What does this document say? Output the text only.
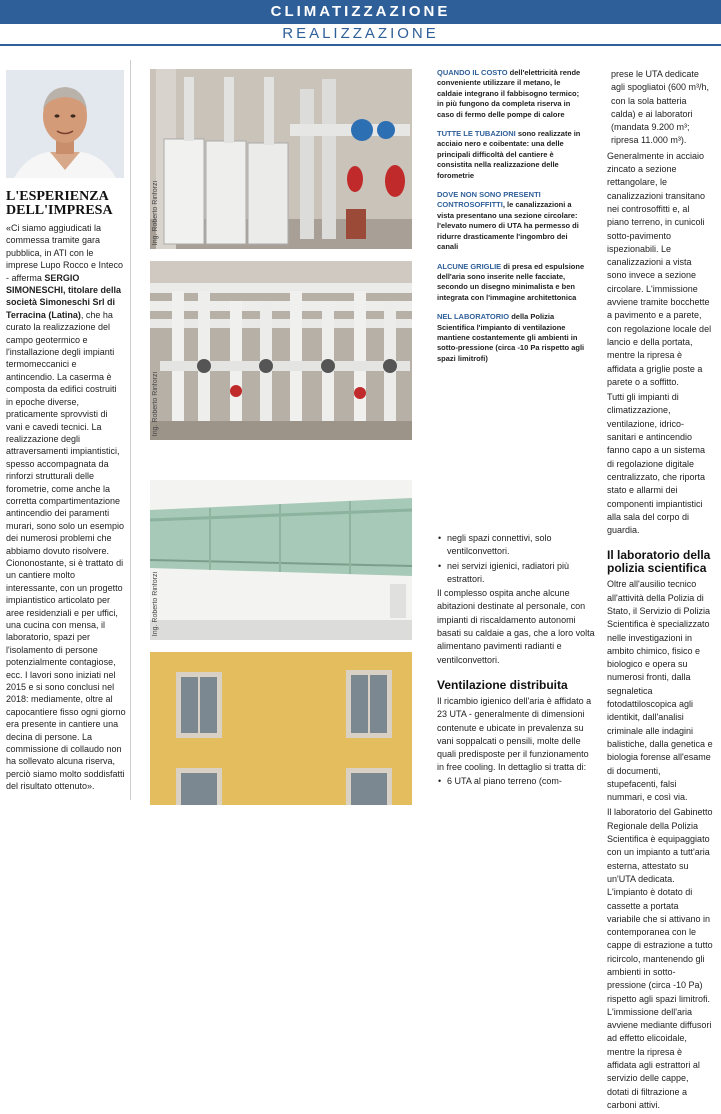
CLIMATIZZAZIONE
REALIZZAZIONE
L'ESPERIENZA DELL'IMPRESA

«Ci siamo aggiudicati la commessa tramite gara pubblica, in ATI con le imprese Lupo Rocco e Inteco - afferma SERGIO SIMONESCHI, titolare della società Simoneschi Srl di Terracina (Latina), che ha curato la realizzazione del campo geotermico e l'installazione degli impianti termomeccanici e antincendio. La caserma è composta da edifici costruiti in epoche diverse, praticamente sprovvisti di vani e cavedi tecnici. La realizzazione degli attraversamenti impiantistici, spesso accompagnata da rinforzi strutturali delle forometrie, come anche la corretta compartimentazione antincendio dei paramenti murari, sono solo un esempio dei numerosi problemi che abbiamo dovuto risolvere. Ciononostante, si è trattato di un cantiere molto interessante, con un progetto impiantistico articolato per aree residenziali e per uffici, una cucina con mensa, il laboratorio, spazi per l'isolamento di persone potenzialmente contagiose, ecc. I lavori sono iniziati nel 2015 e si sono conclusi nel 2018: mediamente, oltre al capocantiere fisso ogni giorno era presente in cantiere una decina di persone. La commissione di collaudo non ha sollevato alcuna riserva, perciò siamo molto soddisfatti del risultato ottenuto».

Ing. Roberto Rinforzi
Ing. Roberto Rinforzi
Ing. Roberto Rinforzi

QUANDO IL COSTO dell'elettricità rende conveniente utilizzare il metano, le caldaie integrano il fabbisogno termico; in più fungono da completa riserva in caso di fermo delle pompe di calore

TUTTE LE TUBAZIONI sono realizzate in acciaio nero e coibentate: una delle principali difficoltà del cantiere è consistita nella realizzazione delle forometrie

DOVE NON SONO PRESENTI CONTROSOFFITTI, le canalizzazioni a vista presentano una sezione circolare: l'elevato numero di UTA ha permesso di ridurre drasticamente l'ingombro dei canali

ALCUNE GRIGLIE di presa ed espulsione dell'aria sono inserite nelle facciate, secondo un disegno minimalista e ben integrata con l'immagine architettonica

NEL LABORATORIO della Polizia Scientifica l'impianto di ventilazione mantiene costantemente gli ambienti in sotto-pressione (circa -10 Pa rispetto agli spazi limitrofi)

• negli spazi connettivi, solo ventilconvettori.
• nei servizi igienici, radiatori più estrattori.

Il complesso ospita anche alcune abitazioni destinate al personale, con impianti di riscaldamento autonomi basati su caldaie a gas, che a loro volta alimentano pavimenti radianti e ventilconvettori.

Ventilazione distribuita

Il ricambio igienico dell'aria è affidato a 23 UTA - generalmente di dimensioni contenute e ubicate in prevalenza su vani soppalcati o pensili, molte delle quali predisposte per il funzionamento in free cooling. In dettaglio si tratta di:

• 6 UTA al piano terreno (com-

prese le UTA dedicate agli spogliatoi (600 m³/h, con la sola batteria calda) e ai laboratori (mandata 9.200 m³; ripresa 11.000 m³).

Generalmente in acciaio zincato a sezione rettangolare, le canalizzazioni transitano nei controsoffitti e, al piano terreno, in cunicoli sotto-pavimento ispezionabili. Le canalizzazioni a vista sono invece a sezione circolare. L'immissione avviene tramite bocchette a pavimento e a parete, con regolazione locale del lancio e della portata, mentre la ripresa è affidata a griglie poste a parete o a soffitto.

Tutti gli impianti di climatizzazione, ventilazione, idrico-sanitari e antincendio fanno capo a un sistema di regolazione digitale centralizzato, che riporta stato e allarmi dei componenti impiantistici alla sala del corpo di guardia.

Il laboratorio della polizia scientifica

Oltre all'ausilio tecnico all'attività della Polizia di Stato, il Servizio di Polizia Scientifica è specializzato nelle investigazioni in ambito chimico, fisico e biologico e opera su numerosi fronti, dalla segnaletica fotodattiloscopica agli identikit, dall'analisi criminale alle indagini balistiche, dalla genetica e biologia forense all'esame di documenti, stupefacenti, falsi nummari, e così via.

Il laboratorio del Gabinetto Regionale della Polizia Scientifica è equipaggiato con un impianto a tutt'aria esterna, attestato su un'UTA dedicata. L'impianto è dotato di cassette a portata variabile che si attivano in contemporanea con le cappe di estrazione a tutto ricircolo, mantenendo gli ambienti in sotto-pressione (circa -10 Pa) rispetto agli spazi limitrofi. L'immissione dell'aria avviene mediante diffusori ad effetto elicoidale, mentre la ripresa è affidata agli estrattori al servizio delle cappe, dotati di filtrazione a carboni attivi.
